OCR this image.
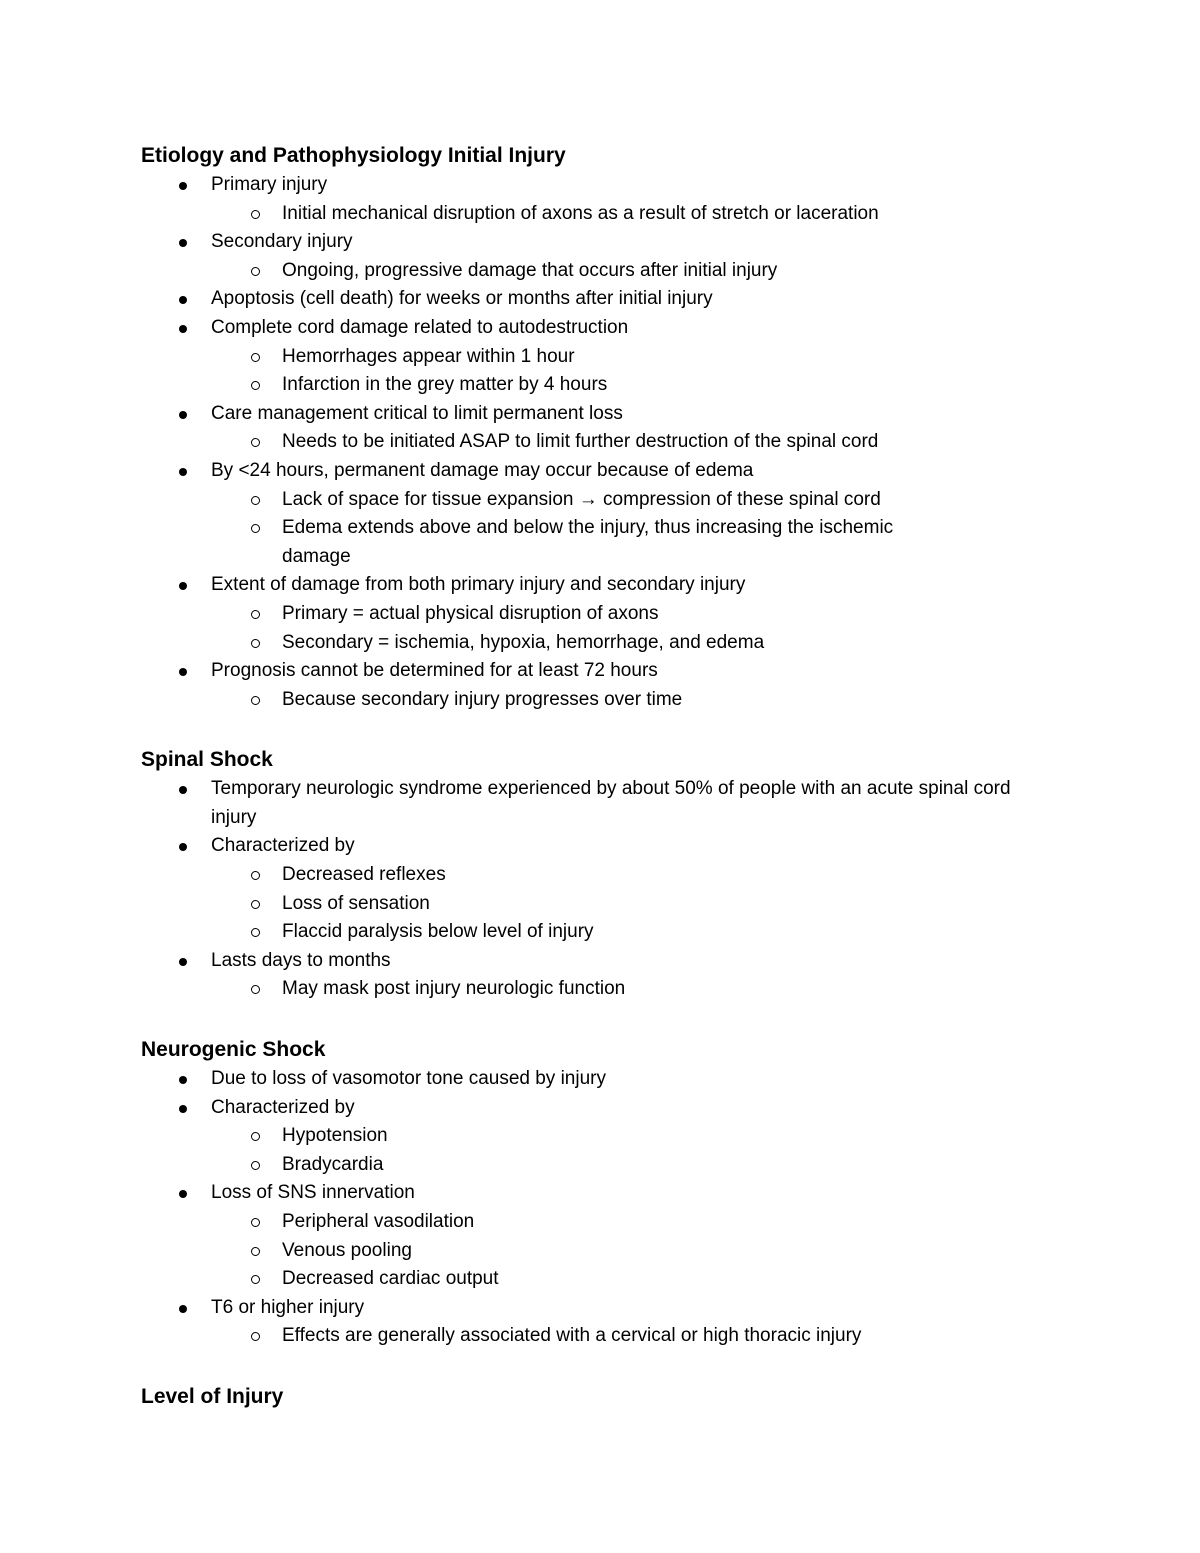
Etiology and Pathophysiology Initial Injury
Primary injury
Initial mechanical disruption of axons as a result of stretch or laceration
Secondary injury
Ongoing, progressive damage that occurs after initial injury
Apoptosis (cell death) for weeks or months after initial injury
Complete cord damage related to autodestruction
Hemorrhages appear within 1 hour
Infarction in the grey matter by 4 hours
Care management critical to limit permanent loss
Needs to be initiated ASAP to limit further destruction of the spinal cord
By <24 hours, permanent damage may occur because of edema
Lack of space for tissue expansion → compression of these spinal cord
Edema extends above and below the injury, thus increasing the ischemic damage
Extent of damage from both primary injury and secondary injury
Primary = actual physical disruption of axons
Secondary = ischemia, hypoxia, hemorrhage, and edema
Prognosis cannot be determined for at least 72 hours
Because secondary injury progresses over time
Spinal Shock
Temporary neurologic syndrome experienced by about 50% of people with an acute spinal cord injury
Characterized by
Decreased reflexes
Loss of sensation
Flaccid paralysis below level of injury
Lasts days to months
May mask post injury neurologic function
Neurogenic Shock
Due to loss of vasomotor tone caused by injury
Characterized by
Hypotension
Bradycardia
Loss of SNS innervation
Peripheral vasodilation
Venous pooling
Decreased cardiac output
T6 or higher injury
Effects are generally associated with a cervical or high thoracic injury
Level of Injury
